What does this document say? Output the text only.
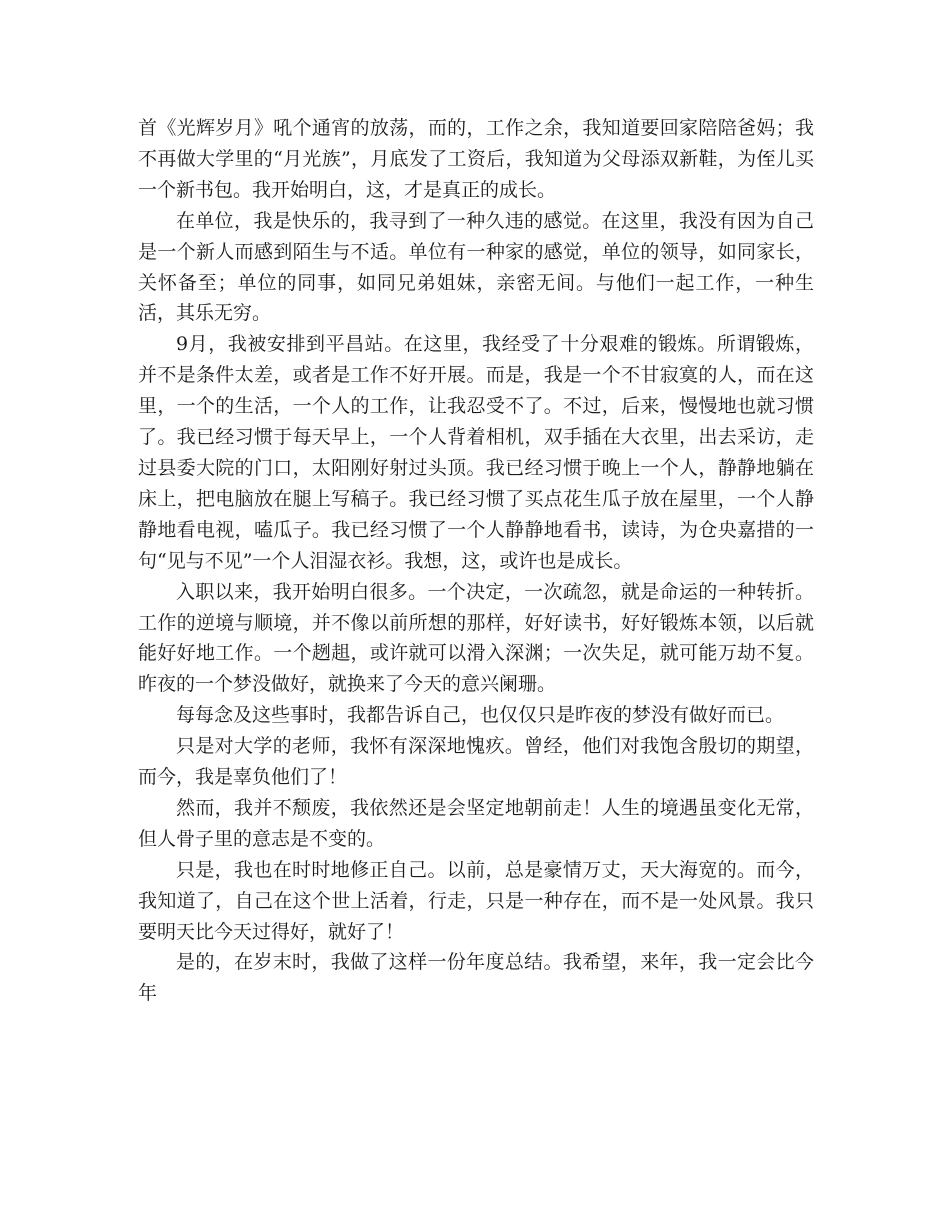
首《光辉岁月》吼个通宵的放荡，而的，工作之余，我知道要回家陪陪爸妈；我不再做大学里的“月光族”，月底发了工资后，我知道为父母添双新鞋，为侄儿买一个新书包。我开始明白，这，才是真正的成长。

在单位，我是快乐的，我寻到了一种久违的感觉。在这里，我没有因为自己是一个新人而感到陌生与不适。单位有一种家的感觉，单位的领导，如同家长，关怀备至；单位的同事，如同兄弟姐妹，亲密无间。与他们一起工作，一种生活，其乐无穷。

9月，我被安排到平昌站。在这里，我经受了十分艰难的锻炼。所谓锻炼，并不是条件太差，或者是工作不好开展。而是，我是一个不甘寂寞的人，而在这里，一个的生活，一个人的工作，让我忍受不了。不过，后来，慢慢地也就习惯了。我已经习惯于每天早上，一个人背着相机，双手插在大衣里，出去采访，走过县委大院的门口，太阳刚好射过头顶。我已经习惯于晚上一个人，静静地躺在床上，把电脑放在腿上写稿子。我已经习惯了买点花生瓜子放在屋里，一个人静静地看电视，嗑瓜子。我已经习惯了一个人静静地看书，读诗，为仓央嘉措的一句“见与不见”一个人泪湿衣衫。我想，这，或许也是成长。

入职以来，我开始明白很多。一个决定，一次疏忽，就是命运的一种转折。工作的逆境与顺境，并不像以前所想的那样，好好读书，好好锻炼本领，以后就能好好地工作。一个趔趄，或许就可以滑入深渊；一次失足，就可能万劫不复。昨夜的一个梦没做好，就换来了今天的意兴阑珊。

每每念及这些事时，我都告诉自己，也仅仅只是昨夜的梦没有做好而已。

只是对大学的老师，我怀有深深地愧疚。曾经，他们对我饱含殷切的期望，而今，我是辜负他们了！

然而，我并不颓废，我依然还是会坚定地朝前走！人生的境遇虽变化无常，但人骨子里的意志是不变的。

只是，我也在时时地修正自己。以前，总是豪情万丈，天大海宽的。而今，我知道了，自己在这个世上活着，行走，只是一种存在，而不是一处风景。我只要明天比今天过得好，就好了！

是的，在岁末时，我做了这样一份年度总结。我希望，来年，我一定会比今年
